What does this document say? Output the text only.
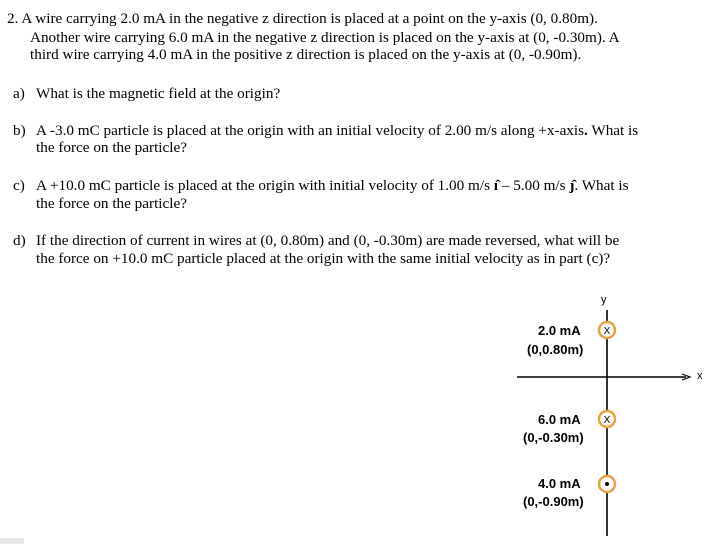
2. A wire carrying 2.0 mA in the negative z direction is placed at a point on the y-axis (0, 0.80m).
Another wire carrying 6.0 mA in the negative z direction is placed on the y-axis at (0, -0.30m). A
third wire carrying 4.0 mA in the positive z direction is placed on the y-axis at (0, -0.90m).
a) What is the magnetic field at the origin?
b) A -3.0 mC particle is placed at the origin with an initial velocity of 2.00 m/s along +x-axis. What is
the force on the particle?
c) A +10.0 mC particle is placed at the origin with initial velocity of 1.00 m/s ı̂ – 5.00 m/s ȷ̂. What is
the force on the particle?
d) If the direction of current in wires at (0, 0.80m) and (0, -0.30m) are made reversed, what will be
the force on +10.0 mC particle placed at the origin with the same initial velocity as in part (c)?
X
X
y
x
2.0 mA
(0,0.80m)
6.0 mA
(0,-0.30m)
4.0 mA
(0,-0.90m)
